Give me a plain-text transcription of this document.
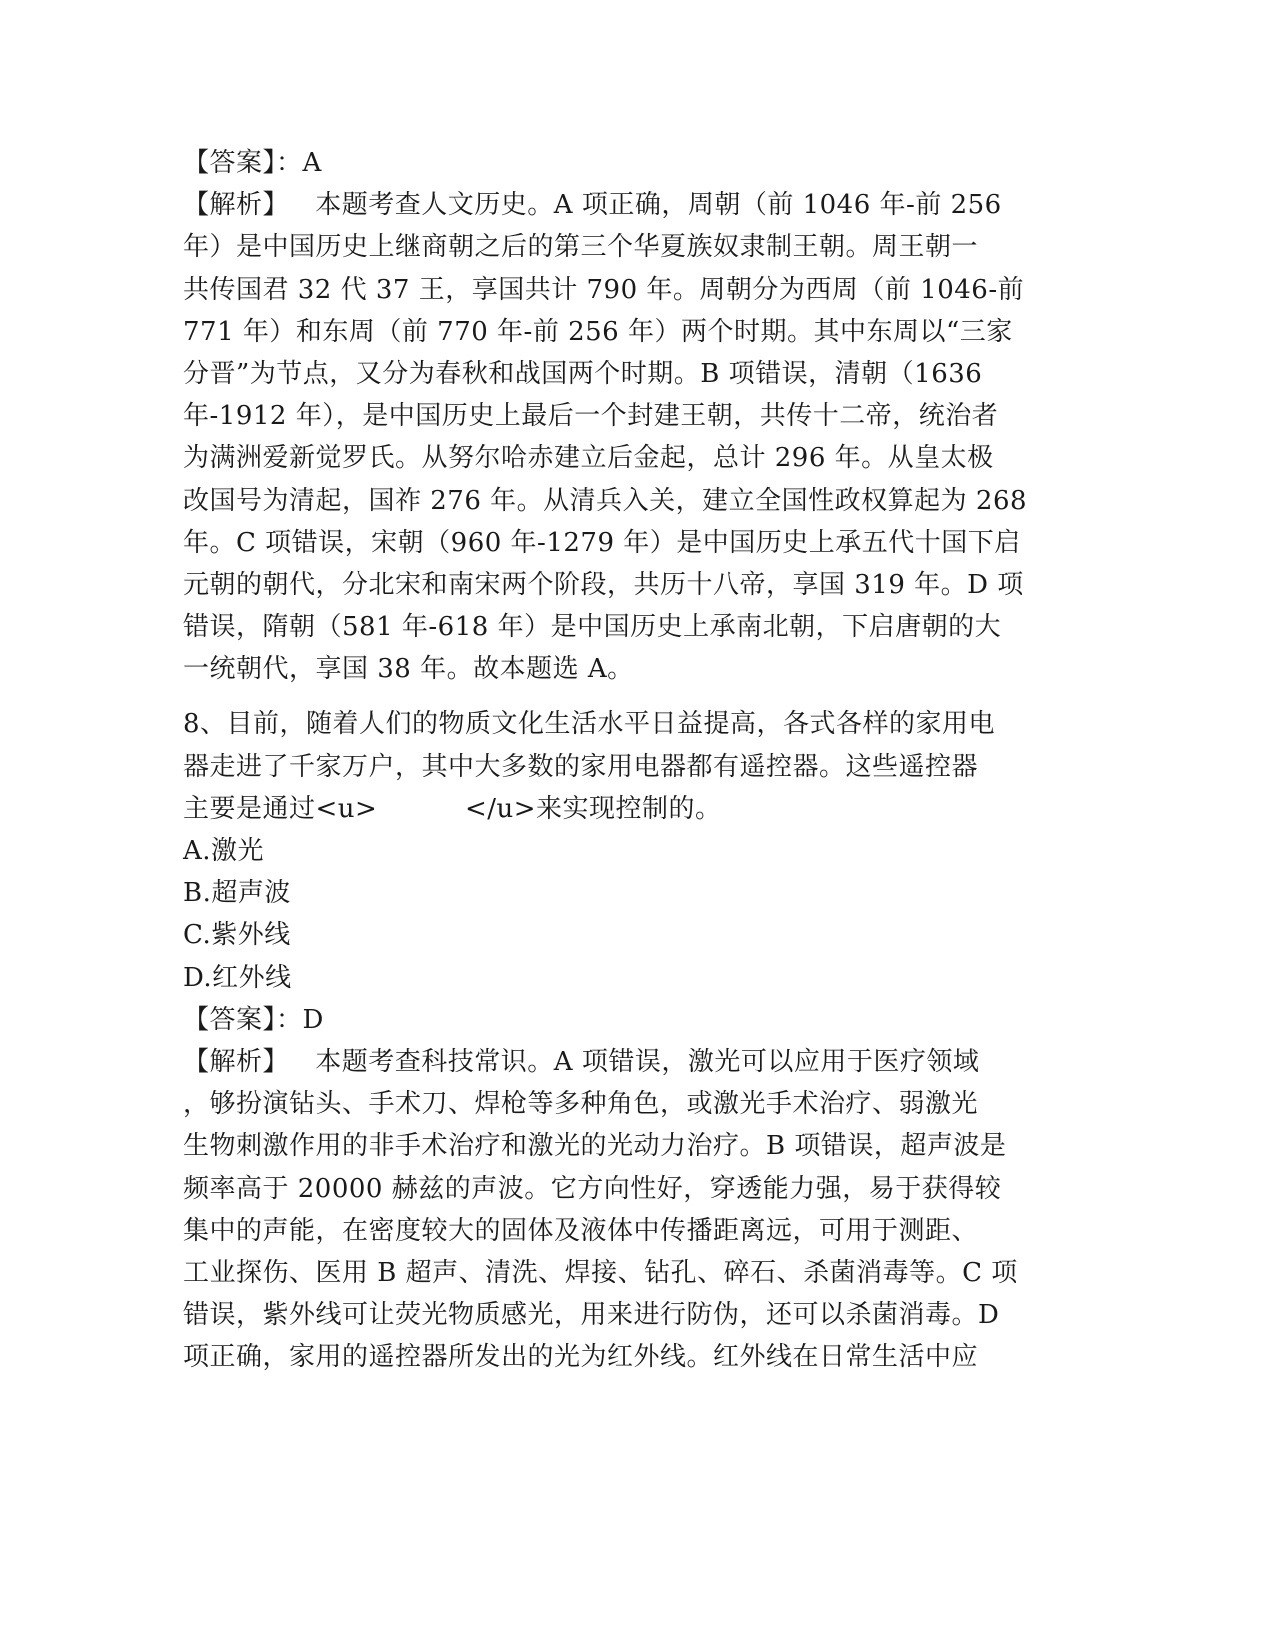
【答案】：A
【解析】   本题考查人文历史。A 项正确，周朝（前 1046 年-前 256
年）是中国历史上继商朝之后的第三个华夏族奴隶制王朝。周王朝一
共传国君 32 代 37 王，享国共计 790 年。周朝分为西周（前 1046-前
771 年）和东周（前 770 年-前 256 年）两个时期。其中东周以“三家
分晋”为节点，又分为春秋和战国两个时期。B 项错误，清朝（1636
年-1912 年），是中国历史上最后一个封建王朝，共传十二帝，统治者
为满洲爱新觉罗氏。从努尔哈赤建立后金起，总计 296 年。从皇太极
改国号为清起，国祚 276 年。从清兵入关，建立全国性政权算起为 268
年。C 项错误，宋朝（960 年-1279 年）是中国历史上承五代十国下启
元朝的朝代，分北宋和南宋两个阶段，共历十八帝，享国 319 年。D 项
错误，隋朝（581 年-618 年）是中国历史上承南北朝，下启唐朝的大
一统朝代，享国 38 年。故本题选 A。
8、目前，随着人们的物质文化生活水平日益提高，各式各样的家用电
器走进了千家万户，其中大多数的家用电器都有遥控器。这些遥控器
主要是通过<u>          </u>来实现控制的。
A.激光
B.超声波
C.紫外线
D.红外线
【答案】：D
【解析】   本题考查科技常识。A 项错误，激光可以应用于医疗领域
，够扮演钻头、手术刀、焊枪等多种角色，或激光手术治疗、弱激光
生物刺激作用的非手术治疗和激光的光动力治疗。B 项错误，超声波是
频率高于 20000 赫兹的声波。它方向性好，穿透能力强，易于获得较
集中的声能，在密度较大的固体及液体中传播距离远，可用于测距、
工业探伤、医用 B 超声、清洗、焊接、钻孔、碎石、杀菌消毒等。C 项
错误，紫外线可让荧光物质感光，用来进行防伪，还可以杀菌消毒。D
项正确，家用的遥控器所发出的光为红外线。红外线在日常生活中应
